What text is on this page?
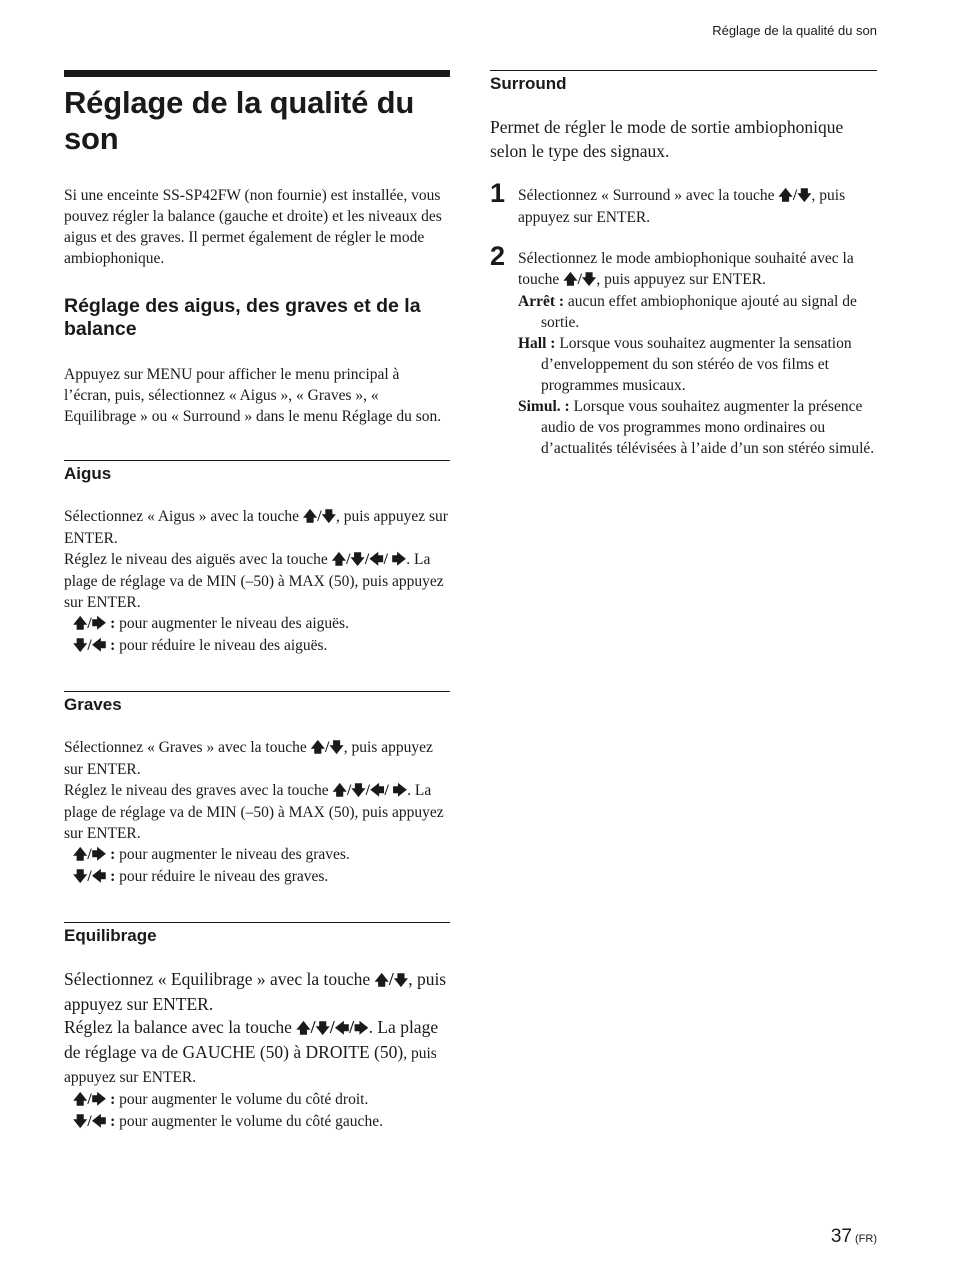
Réglage de la qualité du son
Réglage de la qualité du son

Si une enceinte SS-SP42FW (non fournie) est installée, vous pouvez régler la balance (gauche et droite) et les niveaux des aigus et des graves. Il permet également de régler le mode ambiophonique.

Réglage des aigus, des graves et de la balance

Appuyez sur MENU pour afficher le menu principal à l’écran, puis, sélectionnez « Aigus », « Graves », « Equilibrage » ou « Surround » dans le menu Réglage du son.

Aigus

Sélectionnez « Aigus » avec la touche 🡅/🡇, puis appuyez sur ENTER.

Réglez le niveau des aiguës avec la touche 🡅/🡇/🡄/ 🡆. La plage de réglage va de MIN (–50) à MAX (50), puis appuyez sur ENTER.

🡅/🡆 : pour augmenter le niveau des aiguës.
🡇/🡄 : pour réduire le niveau des aiguës.
Graves

Sélectionnez « Graves » avec la touche 🡅/🡇, puis appuyez sur ENTER.

Réglez le niveau des graves avec la touche 🡅/🡇/🡄/ 🡆. La plage de réglage va de MIN (–50) à MAX (50), puis appuyez sur ENTER.

🡅/🡆 : pour augmenter le niveau des graves.
🡇/🡄 : pour réduire le niveau des graves.
Equilibrage

Sélectionnez « Equilibrage » avec la touche 🡅/🡇, puis appuyez sur ENTER.

Réglez la balance avec la touche 🡅/🡇/🡄/🡆. La plage de réglage va de GAUCHE (50) à DROITE (50), puis appuyez sur ENTER.

🡅/🡆 : pour augmenter le volume du côté droit.
🡇/🡄 : pour augmenter le volume du côté gauche.
Surround

Permet de régler le mode de sortie ambiophonique selon le type des signaux.

1 Sélectionnez « Surround » avec la touche 🡅/🡇, puis appuyez sur ENTER.

2 Sélectionnez le mode ambiophonique souhaité avec la touche 🡅/🡇, puis appuyez sur ENTER.

Arrêt : aucun effet ambiophonique ajouté au signal de sortie.
Hall : Lorsque vous souhaitez augmenter la sensation d’enveloppement du son stéréo de vos films et programmes musicaux.
Simul. : Lorsque vous souhaitez augmenter la présence audio de vos programmes mono ordinaires ou d’actualités télévisées à l’aide d’un son stéréo simulé.
37 (FR)
